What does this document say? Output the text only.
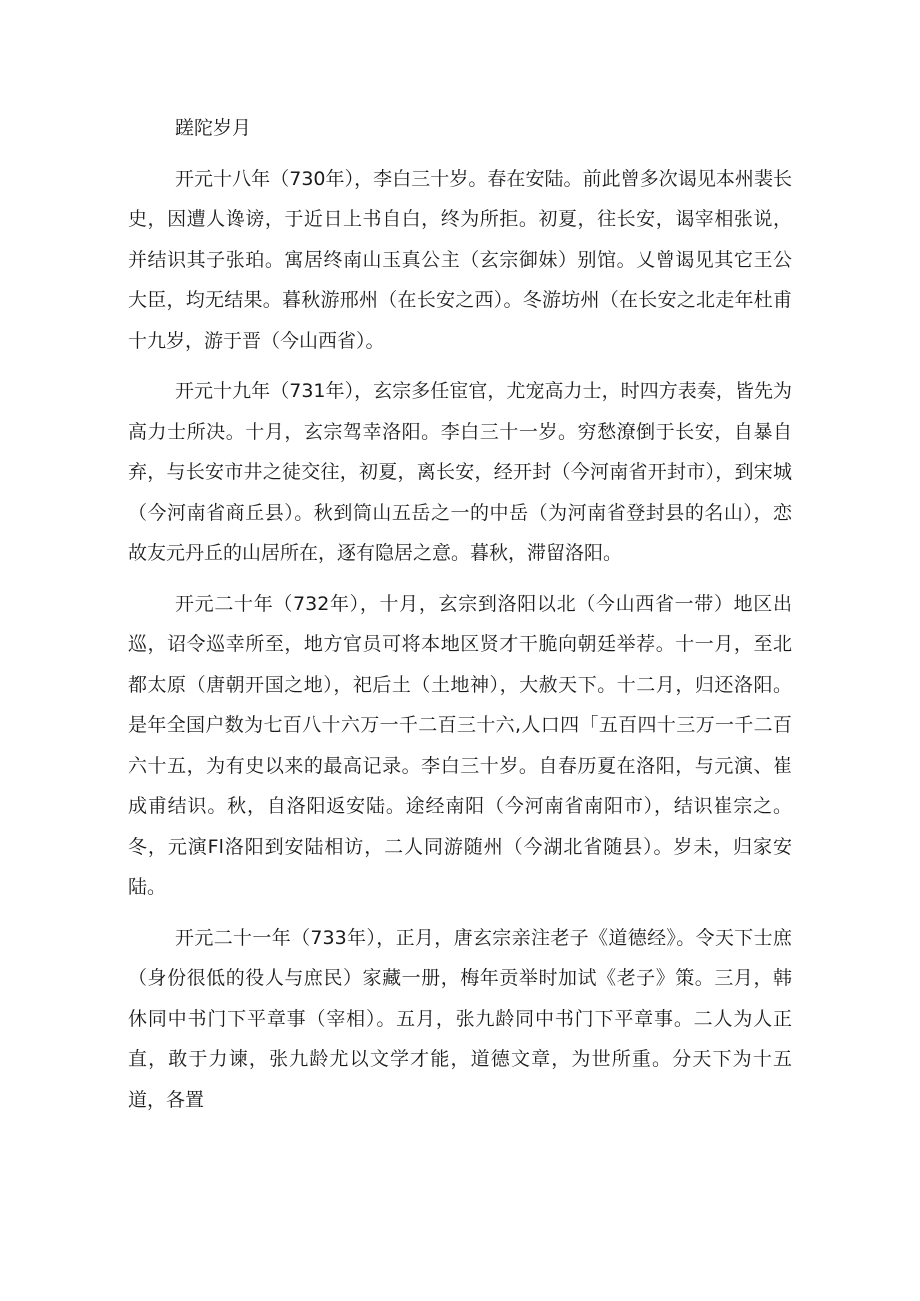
蹉陀岁月

开元十八年（730年），李白三十岁。春在安陆。前此曾多次谒见本州裴长史，因遭人谗谤，于近日上书自白，终为所拒。初夏，往长安，谒宰相张说，并结识其子张珀。寓居终南山玉真公主（玄宗御妹）别馆。乂曾谒见其它王公大臣，均无结果。暮秋游邢州（在长安之西）。冬游坊州（在长安之北走年杜甫十九岁，游于晋（今山西省）。

开元十九年（731年），玄宗多任宦官，尤宠高力士，时四方表奏，皆先为高力士所决。十月，玄宗驾幸洛阳。李白三十一岁。穷愁潦倒于长安，自暴自弃，与长安市井之徒交往，初夏，离长安，经开封（今河南省开封市），到宋城（今河南省商丘县）。秋到筒山五岳之一的中岳（为河南省登封县的名山），恋故友元丹丘的山居所在，逐有隐居之意。暮秋，滞留洛阳。

开元二十年（732年），十月，玄宗到洛阳以北（今山西省一带）地区出巡，诏令巡幸所至，地方官员可将本地区贤才干脆向朝廷举荐。十一月，至北都太原（唐朝开国之地），祀后土（土地神），大赦天下。十二月，归还洛阳。是年全国户数为七百八十六万一千二百三十六,人口四「五百四十三万一千二百六十五，为有史以来的最高记录。李白三十岁。自春历夏在洛阳，与元演、崔成甫结识。秋，自洛阳返安陆。途经南阳（今河南省南阳市），结识崔宗之。冬，元演Fl洛阳到安陆相访，二人同游随州（今湖北省随县）。岁未，归家安陆。

开元二十一年（733年），正月，唐玄宗亲注老子《道德经》。令天下士庶（身份很低的役人与庶民）家藏一册，梅年贡举时加试《老子》策。三月，韩休同中书门下平章事（宰相）。五月，张九龄同中书门下平章事。二人为人正直，敢于力谏，张九龄尤以文学才能，道德文章，为世所重。分天下为十五道，各置
